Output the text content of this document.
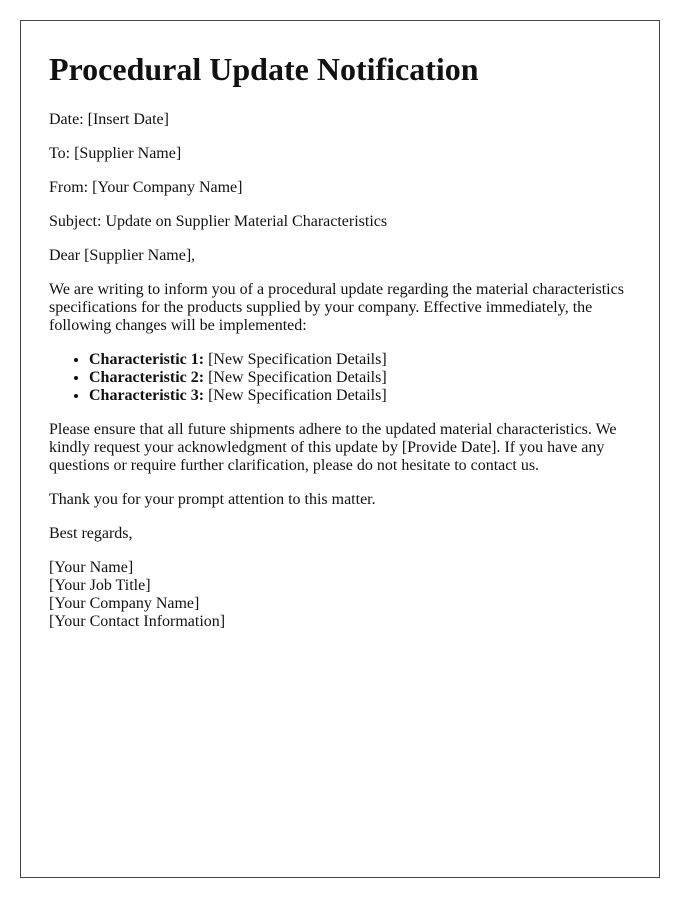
Procedural Update Notification

Date: [Insert Date]

To: [Supplier Name]

From: [Your Company Name]

Subject: Update on Supplier Material Characteristics

Dear [Supplier Name],

We are writing to inform you of a procedural update regarding the material characteristics specifications for the products supplied by your company. Effective immediately, the following changes will be implemented:

• Characteristic 1: [New Specification Details]
• Characteristic 2: [New Specification Details]
• Characteristic 3: [New Specification Details]

Please ensure that all future shipments adhere to the updated material characteristics. We kindly request your acknowledgment of this update by [Provide Date]. If you have any questions or require further clarification, please do not hesitate to contact us.

Thank you for your prompt attention to this matter.

Best regards,

[Your Name]
[Your Job Title]
[Your Company Name]
[Your Contact Information]
